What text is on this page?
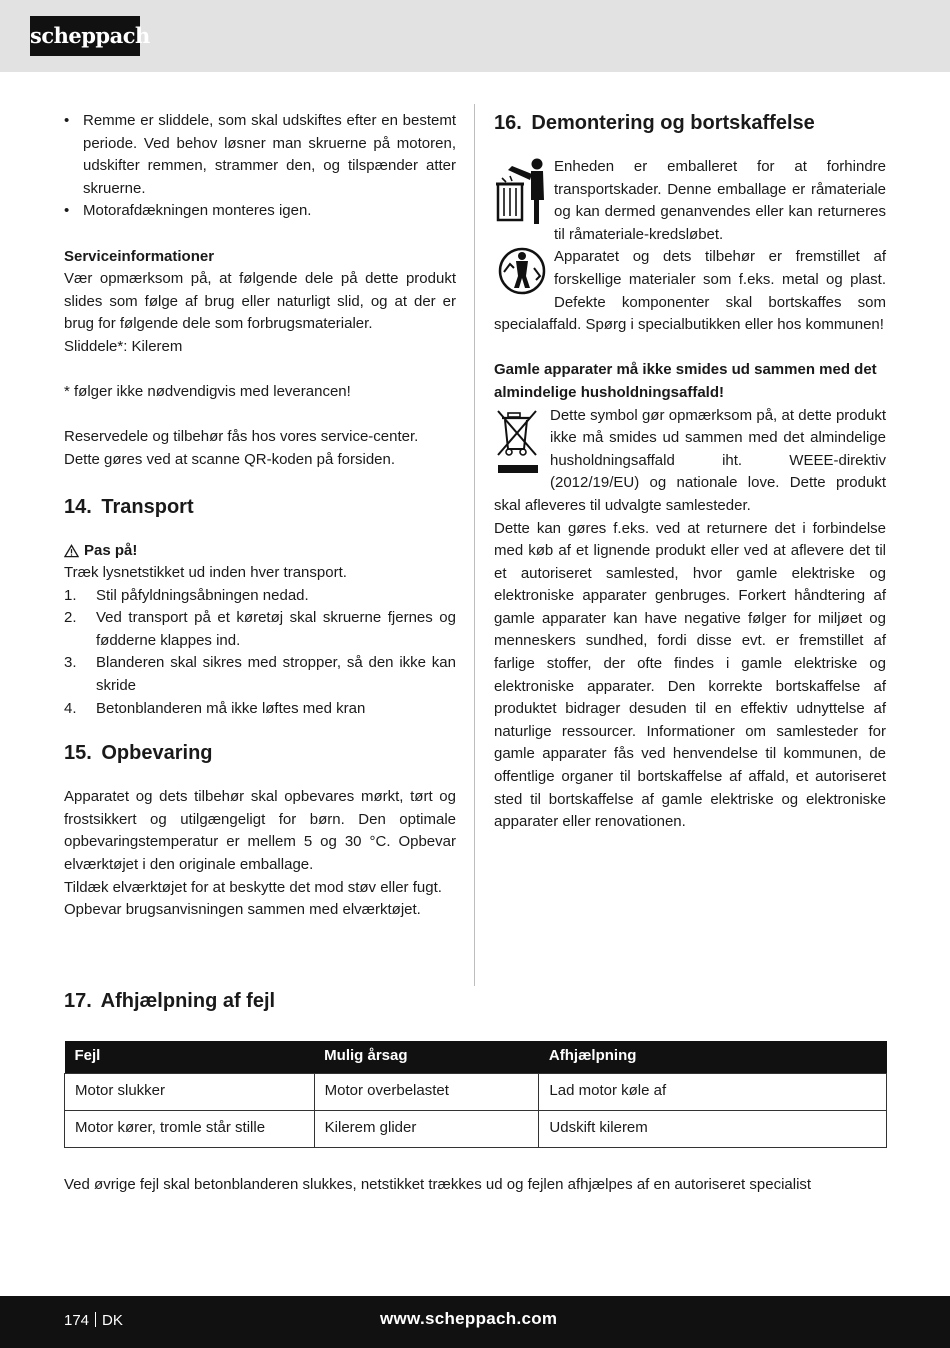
scheppach
• Remme er sliddele, som skal udskiftes efter en bestemt periode. Ved behov løsner man skruerne på motoren, udskifter remmen, strammer den, og tilspænder atter skruerne.
• Motorafdækningen monteres igen.

Serviceinformationer

Vær opmærksom på, at følgende dele på dette produkt slides som følge af brug eller naturligt slid, og at der er brug for følgende dele som forbrugsmaterialer.

Sliddele*: Kilerem

* følger ikke nødvendigvis med leverancen!

Reservedele og tilbehør fås hos vores service-center.

Dette gøres ved at scanne QR-koden på forsiden.

14. Transport
Pas på!

Træk lysnetstikket ud inden hver transport.

1. Stil påfyldningsåbningen nedad.
2. Ved transport på et køretøj skal skruerne fjernes og fødderne klappes ind.
3. Blanderen skal sikres med stropper, så den ikke kan skride
4. Betonblanderen må ikke løftes med kran
15. Opbevaring

Apparatet og dets tilbehør skal opbevares mørkt, tørt og frostsikkert og utilgængeligt for børn. Den optimale opbevaringstemperatur er mellem 5 og 30 °C. Opbevar elværktøjet i den originale emballage.

Tildæk elværktøjet for at beskytte det mod støv eller fugt.

Opbevar brugsanvisningen sammen med elværktøjet.

16. Demontering og bortskaffelse

Enheden er emballeret for at forhindre transportskader. Denne emballage er råmateriale og kan dermed genanvendes eller kan returneres til råmateriale-kredsløbet.

Apparatet og dets tilbehør er fremstillet af forskellige materialer som f.eks. metal og plast. Defekte komponenter skal bortskaffes som specialaffald. Spørg i specialbutikken eller hos kommunen!

Gamle apparater må ikke smides ud sammen med det almindelige husholdningsaffald!

Dette symbol gør opmærksom på, at dette produkt ikke må smides ud sammen med det almindelige husholdningsaffald iht. WEEE-direktiv (2012/19/EU) og nationale love. Dette produkt skal afleveres til udvalgte samlesteder.

Dette kan gøres f.eks. ved at returnere det i forbindelse med køb af et lignende produkt eller ved at aflevere det til et autoriseret samlested, hvor gamle elektriske og elektroniske apparater genbruges. Forkert håndtering af gamle apparater kan have negative følger for miljøet og menneskers sundhed, fordi disse evt. er fremstillet af farlige stoffer, der ofte findes i gamle elektriske og elektroniske apparater. Den korrekte bortskaffelse af produktet bidrager desuden til en effektiv udnyttelse af naturlige ressourcer. Informationer om samlesteder for gamle apparater fås ved henvendelse til kommunen, de offentlige organer til bortskaffelse af affald, et autoriseret sted til bortskaffelse af gamle elektriske og elektroniske apparater eller renovationen.

17. Afhjælpning af fejl
Fejl	Mulig årsag	Afhjælpning
Motor slukker	Motor overbelastet	Lad motor køle af
Motor kører, tromle står stille	Kilerem glider	Udskift kilerem

Ved øvrige fejl skal betonblanderen slukkes, netstikket trækkes ud og fejlen afhjælpes af en autoriseret specialist

174 DK	www.scheppach.com
